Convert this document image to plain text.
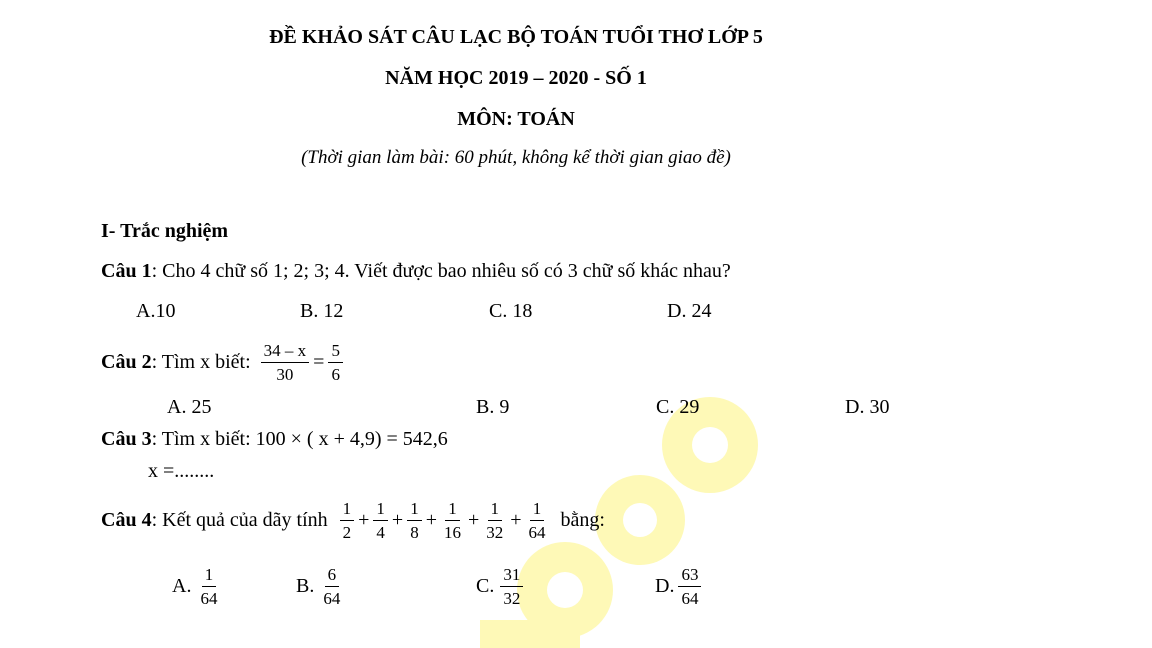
ĐỀ KHẢO SÁT CÂU LẠC BỘ TOÁN TUỔI THƠ LỚP 5
NĂM HỌC 2019 – 2020 - SỐ 1
MÔN: TOÁN
(Thời gian làm bài: 60 phút, không kể thời gian giao đề)
I- Trắc nghiệm
Câu 1: Cho 4 chữ số 1; 2; 3; 4. Viết được bao nhiêu số có 3 chữ số khác nhau?
A.10	B. 12	C. 18	D. 24
Câu 2 : Tìm x biết: $\frac{34 - x}{30} = \frac{5}{6}$
A. 25	B. 9	C. 29	D. 30
Câu 3: Tìm x biết: 100 × ( x + 4,9) = 542,6
x =........
Câu 4 : Kết quả của dãy tính $\frac{1}{2} + \frac{1}{4} + \frac{1}{8} + \frac{1}{16} + \frac{1}{32} + \frac{1}{64}$ bằng:
A. $\frac{1}{64}$	B. $\frac{6}{64}$	C. $\frac{31}{32}$	D. $\frac{63}{64}$
